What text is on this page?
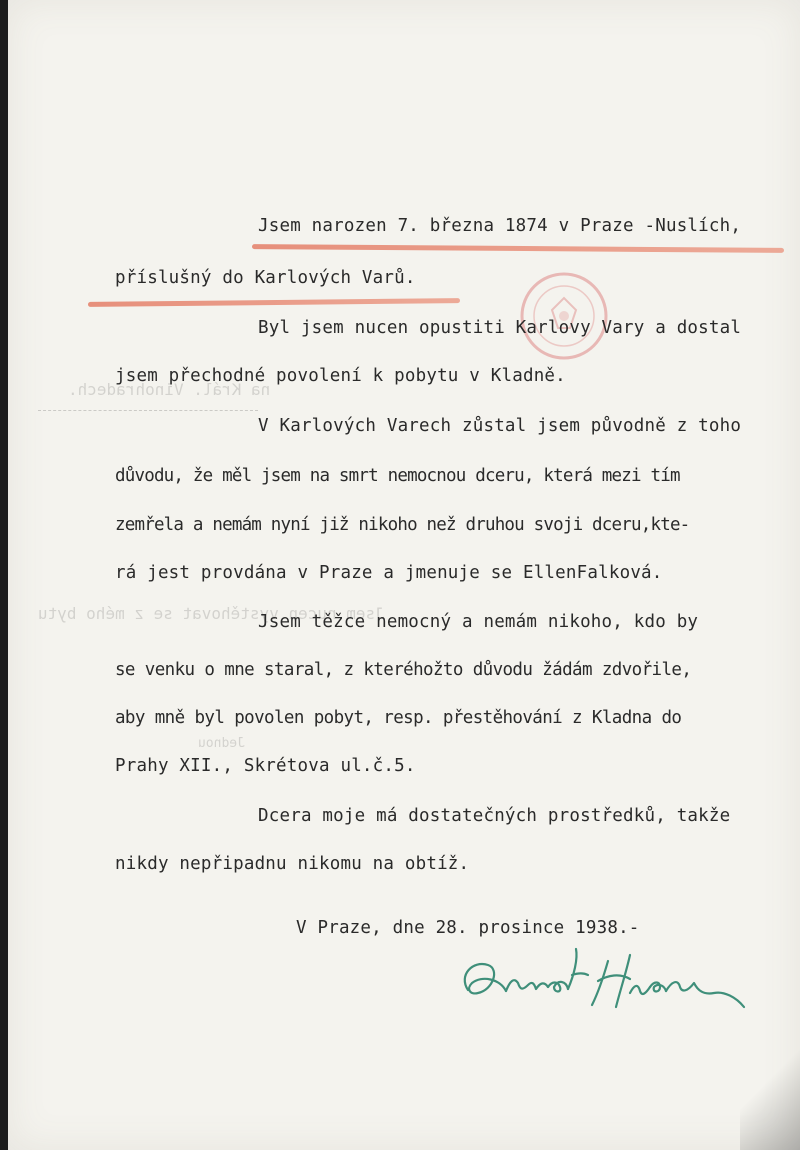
na Král. Vinohradech.
Jsem nucen vystěhovat se z mého bytu
Jednou

Jsem narozen 7. března 1874 v Praze -Nuslích,

příslušný do Karlových Varů.

Byl jsem nucen opustiti Karlovy Vary a dostal

jsem přechodné povolení k pobytu v Kladně.

V Karlových Varech zůstal jsem původně z toho

důvodu, že měl jsem na smrt nemocnou dceru, která mezi tím

zemřela a nemám nyní již nikoho než druhou svoji dceru,kte-

rá jest provdána v Praze a jmenuje se EllenFalková.

Jsem těžce nemocný a nemám nikoho, kdo by

se venku o mne staral, z kteréhožto důvodu žádám zdvořile,

aby mně byl povolen pobyt, resp. přestěhování z Kladna do

Prahy XII., Skrétova ul.č.5.

Dcera moje má dostatečných prostředků, takže

nikdy nepřipadnu nikomu na obtíž.

V Praze, dne 28. prosince 1938.-
